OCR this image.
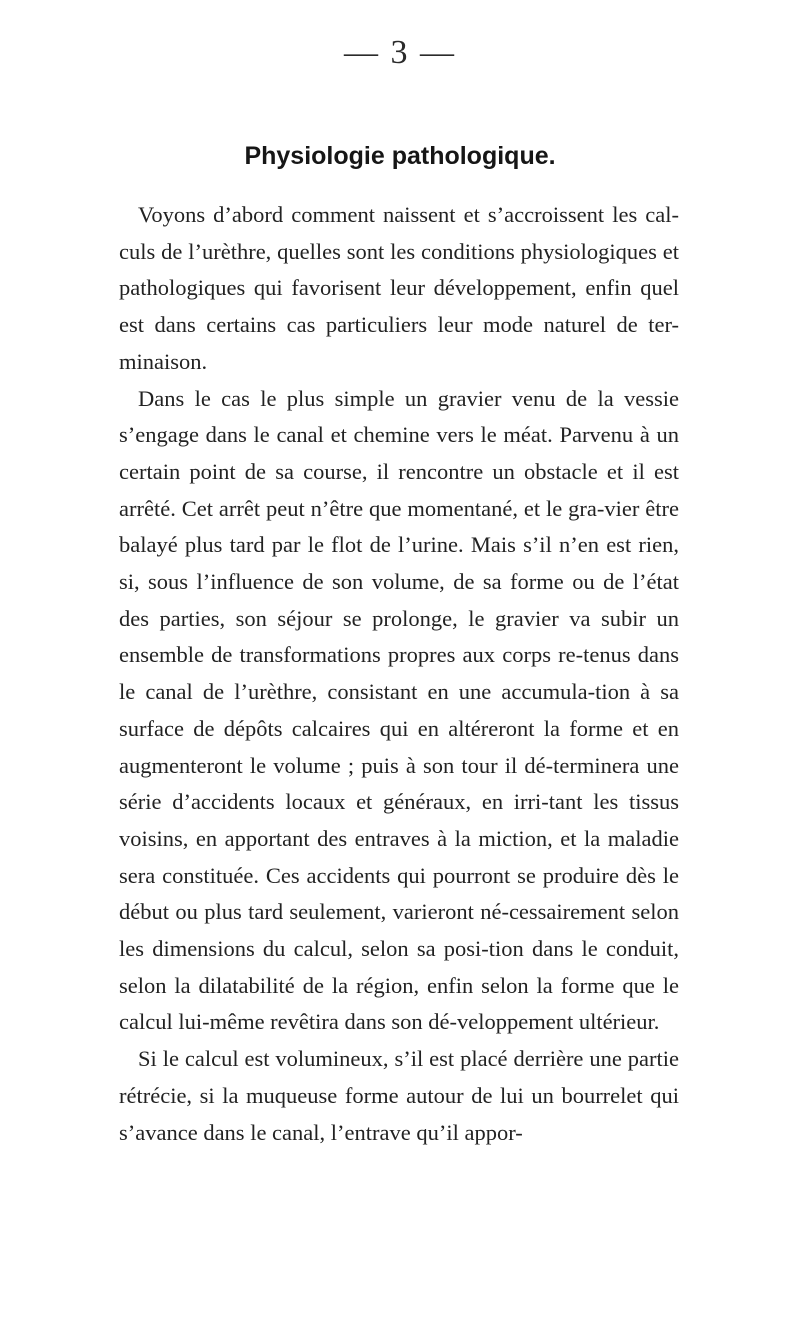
— 3 —
Physiologie pathologique.

Voyons d’abord comment naissent et s’accroissent les cal-culs de l’urèthre, quelles sont les conditions physiologiques et pathologiques qui favorisent leur développement, enfin quel est dans certains cas particuliers leur mode naturel de ter-minaison.

Dans le cas le plus simple un gravier venu de la vessie s’engage dans le canal et chemine vers le méat. Parvenu à un certain point de sa course, il rencontre un obstacle et il est arrêté. Cet arrêt peut n’être que momentané, et le gra-vier être balayé plus tard par le flot de l’urine. Mais s’il n’en est rien, si, sous l’influence de son volume, de sa forme ou de l’état des parties, son séjour se prolonge, le gravier va subir un ensemble de transformations propres aux corps re-tenus dans le canal de l’urèthre, consistant en une accumula-tion à sa surface de dépôts calcaires qui en altéreront la forme et en augmenteront le volume ; puis à son tour il dé-terminera une série d’accidents locaux et généraux, en irri-tant les tissus voisins, en apportant des entraves à la miction, et la maladie sera constituée. Ces accidents qui pourront se produire dès le début ou plus tard seulement, varieront né-cessairement selon les dimensions du calcul, selon sa posi-tion dans le conduit, selon la dilatabilité de la région, enfin selon la forme que le calcul lui-même revêtira dans son dé-veloppement ultérieur.

Si le calcul est volumineux, s’il est placé derrière une partie rétrécie, si la muqueuse forme autour de lui un bourrelet qui s’avance dans le canal, l’entrave qu’il appor-
